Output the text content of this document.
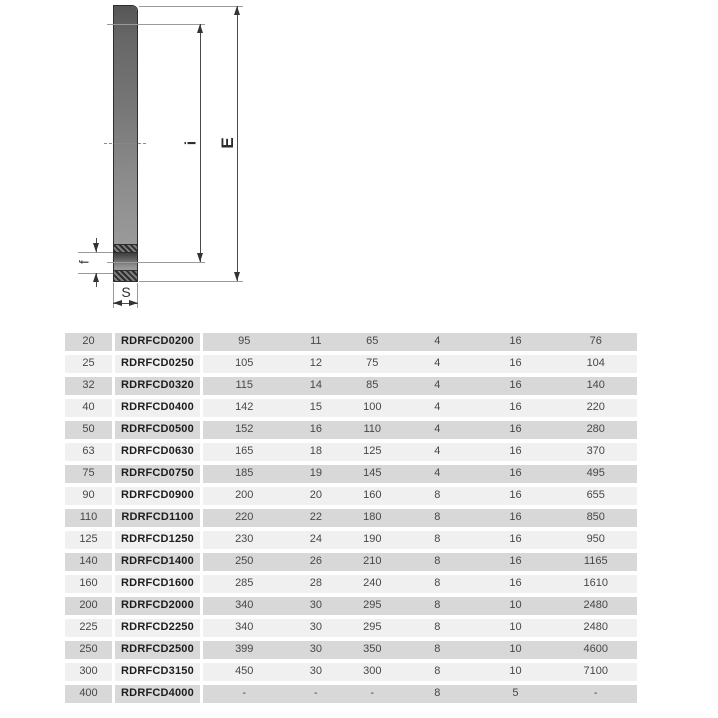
i E
f
S
20	RDRFCD0200	95	11	65	4	16	76
25	RDRFCD0250	105	12	75	4	16	104
32	RDRFCD0320	115	14	85	4	16	140
40	RDRFCD0400	142	15	100	4	16	220
50	RDRFCD0500	152	16	110	4	16	280
63	RDRFCD0630	165	18	125	4	16	370
75	RDRFCD0750	185	19	145	4	16	495
90	RDRFCD0900	200	20	160	8	16	655
110	RDRFCD1100	220	22	180	8	16	850
125	RDRFCD1250	230	24	190	8	16	950
140	RDRFCD1400	250	26	210	8	16	1165
160	RDRFCD1600	285	28	240	8	16	1610
200	RDRFCD2000	340	30	295	8	10	2480
225	RDRFCD2250	340	30	295	8	10	2480
250	RDRFCD2500	399	30	350	8	10	4600
300	RDRFCD3150	450	30	300	8	10	7100
400	RDRFCD4000	-	-	-	8	5	-
